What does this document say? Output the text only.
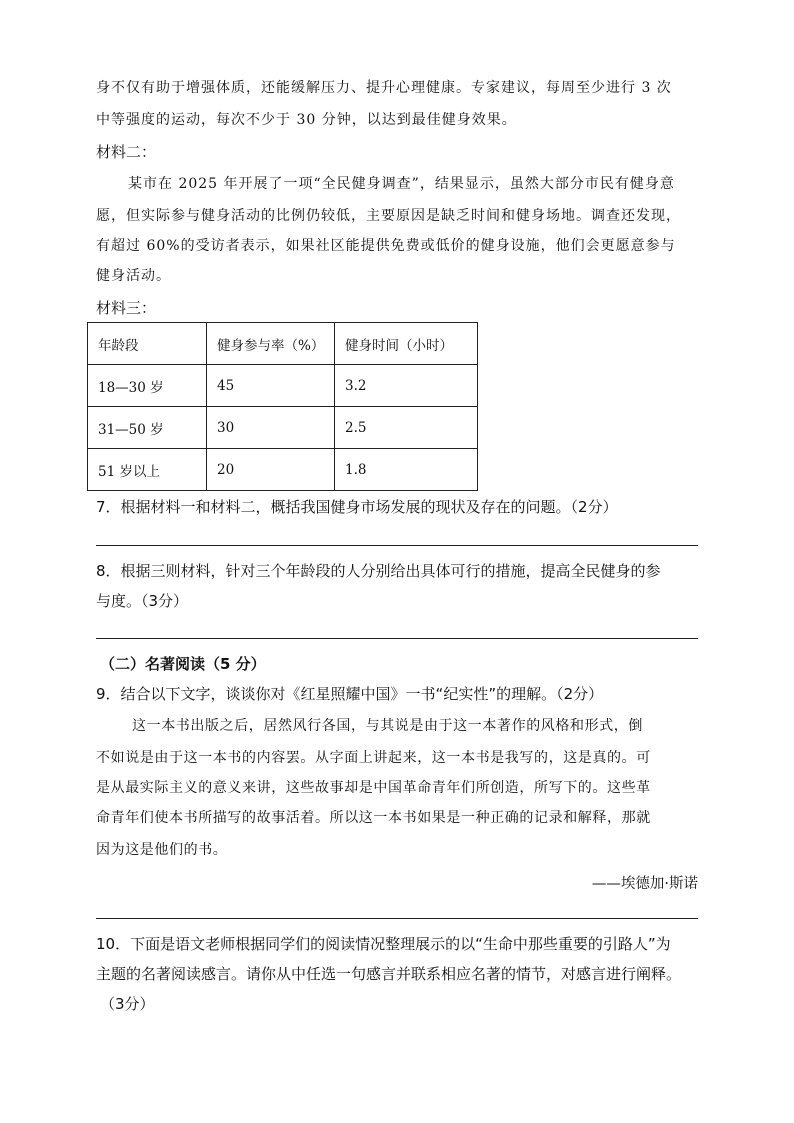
身不仅有助于增强体质，还能缓解压力、提升心理健康。专家建议，每周至少进行 3 次
中等强度的运动，每次不少于 30 分钟，以达到最佳健身效果。
材料二：
某市在 2025 年开展了一项“全民健身调查”，结果显示，虽然大部分市民有健身意
愿，但实际参与健身活动的比例仍较低，主要原因是缺乏时间和健身场地。调查还发现，
有超过 60%的受访者表示，如果社区能提供免费或低价的健身设施，他们会更愿意参与
健身活动。
材料三：
年龄段	健身参与率（%）	健身时间（小时）
18—30 岁	45	3.2
31—50 岁	30	2.5
51 岁以上	20	1.8
7．根据材料一和材料二，概括我国健身市场发展的现状及存在的问题。（2分）
8．根据三则材料，针对三个年龄段的人分别给出具体可行的措施，提高全民健身的参
与度。（3分）
（二）名著阅读（5 分）
9．结合以下文字，谈谈你对《红星照耀中国》一书“纪实性”的理解。（2分）
这一本书出版之后，居然风行各国，与其说是由于这一本著作的风格和形式，倒
不如说是由于这一本书的内容罢。从字面上讲起来，这一本书是我写的，这是真的。可
是从最实际主义的意义来讲，这些故事却是中国革命青年们所创造，所写下的。这些革
命青年们使本书所描写的故事活着。所以这一本书如果是一种正确的记录和解释，那就
因为这是他们的书。
——埃德加·斯诺
10．下面是语文老师根据同学们的阅读情况整理展示的以“生命中那些重要的引路人”为
主题的名著阅读感言。请你从中任选一句感言并联系相应名著的情节，对感言进行阐释。
（3分）
